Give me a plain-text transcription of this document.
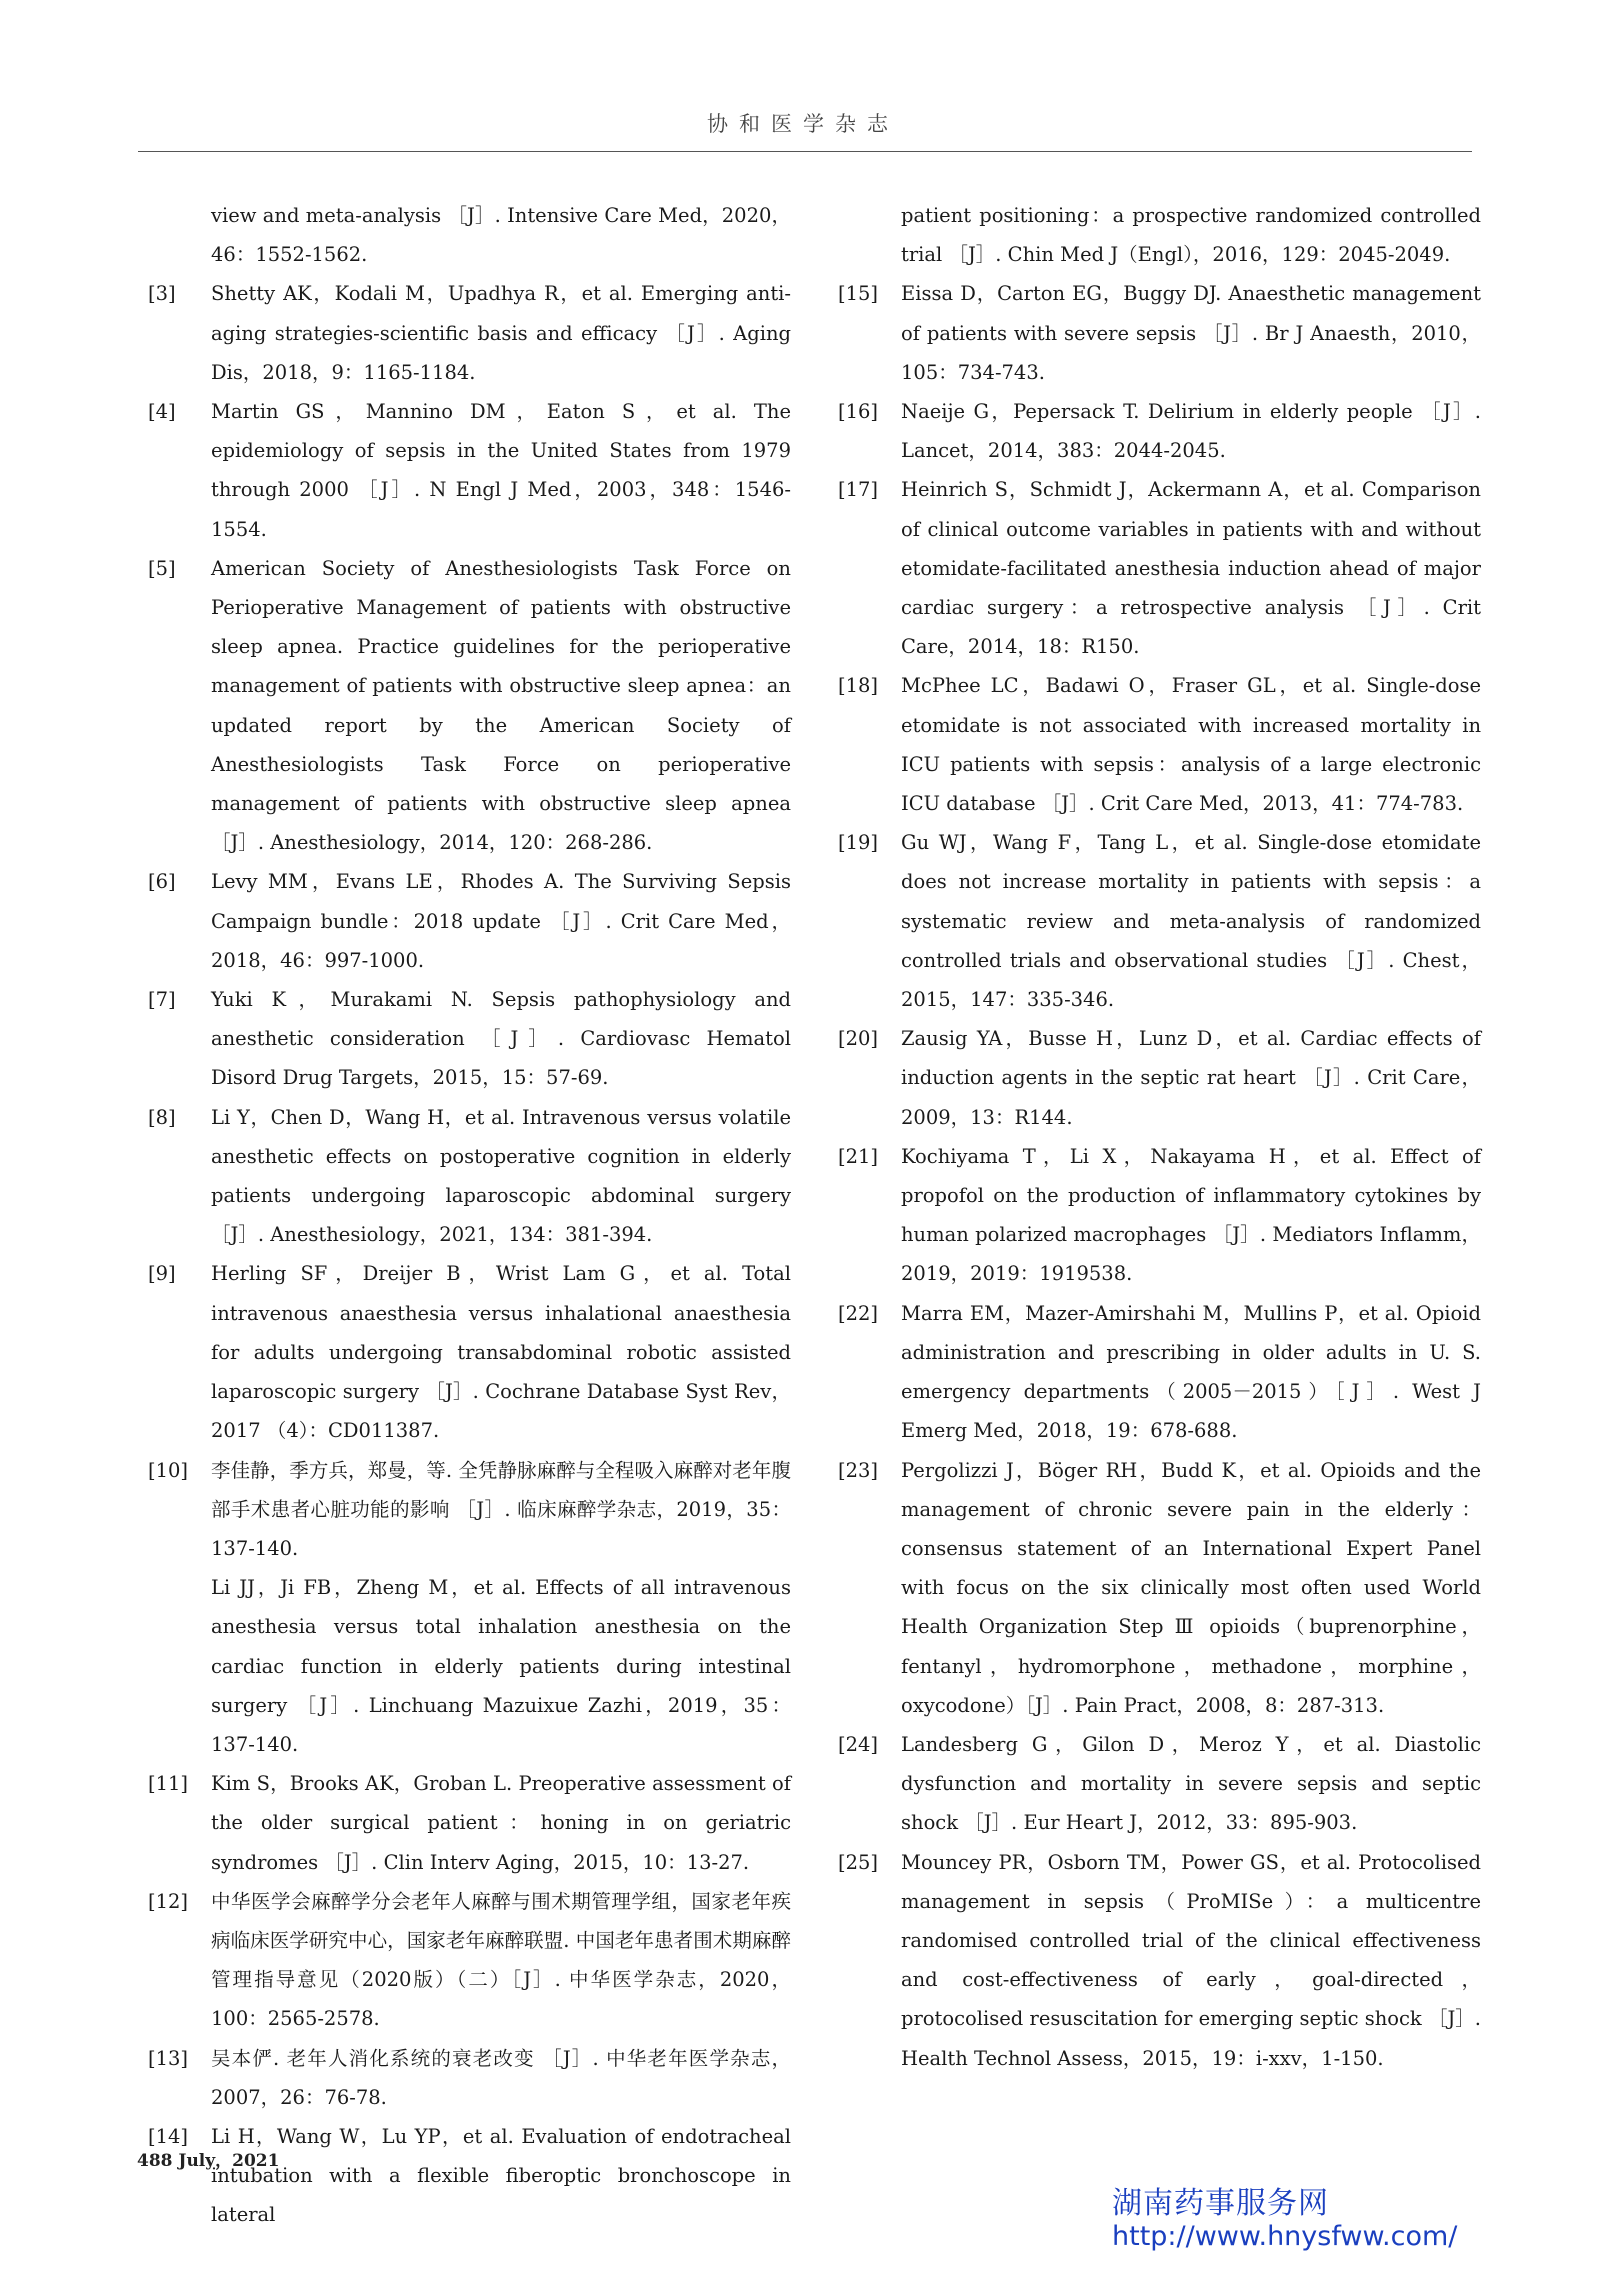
协和医学杂志
view and meta-analysis ［J］. Intensive Care Med，2020，46：1552-1562.
[3] Shetty AK，Kodali M，Upadhya R，et al. Emerging anti-aging strategies-scientific basis and efficacy ［J］. Aging Dis，2018，9：1165-1184.
[4] Martin GS，Mannino DM，Eaton S，et al. The epidemiology of sepsis in the United States from 1979 through 2000 ［J］. N Engl J Med，2003，348：1546-1554.
[5] American Society of Anesthesiologists Task Force on Perioperative Management of patients with obstructive sleep apnea. Practice guidelines for the perioperative management of patients with obstructive sleep apnea：an updated report by the American Society of Anesthesiologists Task Force on perioperative management of patients with obstructive sleep apnea ［J］. Anesthesiology，2014，120：268-286.
[6] Levy MM，Evans LE，Rhodes A. The Surviving Sepsis Campaign bundle：2018 update ［J］. Crit Care Med，2018，46：997-1000.
[7] Yuki K，Murakami N. Sepsis pathophysiology and anesthetic consideration ［J］. Cardiovasc Hematol Disord Drug Targets，2015，15：57-69.
[8] Li Y，Chen D，Wang H，et al. Intravenous versus volatile anesthetic effects on postoperative cognition in elderly patients undergoing laparoscopic abdominal surgery ［J］. Anesthesiology，2021，134：381-394.
[9] Herling SF，Dreijer B，Wrist Lam G，et al. Total intravenous anaesthesia versus inhalational anaesthesia for adults undergoing transabdominal robotic assisted laparoscopic surgery ［J］. Cochrane Database Syst Rev，2017 （4）：CD011387.
[10] 李佳静，季方兵，郑曼，等. 全凭静脉麻醉与全程吸入麻醉对老年腹部手术患者心脏功能的影响 ［J］. 临床麻醉学杂志，2019，35：137-140.
Li JJ，Ji FB，Zheng M，et al. Effects of all intravenous anesthesia versus total inhalation anesthesia on the cardiac function in elderly patients during intestinal surgery ［J］. Linchuang Mazuixue Zazhi，2019，35：137-140.
[11] Kim S，Brooks AK，Groban L. Preoperative assessment of the older surgical patient：honing in on geriatric syndromes ［J］. Clin Interv Aging，2015，10：13-27.
[12] 中华医学会麻醉学分会老年人麻醉与围术期管理学组，国家老年疾病临床医学研究中心，国家老年麻醉联盟. 中国老年患者围术期麻醉管理指导意见（2020版）（二）［J］. 中华医学杂志，2020，100：2565-2578.
[13] 吴本俨. 老年人消化系统的衰老改变 ［J］. 中华老年医学杂志，2007，26：76-78.
[14] Li H，Wang W，Lu YP，et al. Evaluation of endotracheal intubation with a flexible fiberoptic bronchoscope in lateral
patient positioning：a prospective randomized controlled trial ［J］. Chin Med J（Engl），2016，129：2045-2049.
[15] Eissa D，Carton EG，Buggy DJ. Anaesthetic management of patients with severe sepsis ［J］. Br J Anaesth，2010，105：734-743.
[16] Naeije G，Pepersack T. Delirium in elderly people ［J］. Lancet，2014，383：2044-2045.
[17] Heinrich S，Schmidt J，Ackermann A，et al. Comparison of clinical outcome variables in patients with and without etomidate-facilitated anesthesia induction ahead of major cardiac surgery：a retrospective analysis ［J］. Crit Care，2014，18：R150.
[18] McPhee LC，Badawi O，Fraser GL，et al. Single-dose etomidate is not associated with increased mortality in ICU patients with sepsis：analysis of a large electronic ICU database ［J］. Crit Care Med，2013，41：774-783.
[19] Gu WJ，Wang F，Tang L，et al. Single-dose etomidate does not increase mortality in patients with sepsis：a systematic review and meta-analysis of randomized controlled trials and observational studies ［J］. Chest，2015，147：335-346.
[20] Zausig YA，Busse H，Lunz D，et al. Cardiac effects of induction agents in the septic rat heart ［J］. Crit Care，2009，13：R144.
[21] Kochiyama T，Li X，Nakayama H，et al. Effect of propofol on the production of inflammatory cytokines by human polarized macrophages ［J］. Mediators Inflamm，2019，2019：1919538.
[22] Marra EM，Mazer-Amirshahi M，Mullins P，et al. Opioid administration and prescribing in older adults in U. S. emergency departments（2005－2015）［J］. West J Emerg Med，2018，19：678-688.
[23] Pergolizzi J，Böger RH，Budd K，et al. Opioids and the management of chronic severe pain in the elderly：consensus statement of an International Expert Panel with focus on the six clinically most often used World Health Organization Step Ⅲ opioids（buprenorphine，fentanyl，hydromorphone，methadone，morphine，oxycodone）［J］. Pain Pract，2008，8：287-313.
[24] Landesberg G，Gilon D，Meroz Y，et al. Diastolic dysfunction and mortality in severe sepsis and septic shock ［J］. Eur Heart J，2012，33：895-903.
[25] Mouncey PR，Osborn TM，Power GS，et al. Protocolised management in sepsis（ProMISe）：a multicentre randomised controlled trial of the clinical effectiveness and cost-effectiveness of early，goal-directed，protocolised resuscitation for emerging septic shock ［J］. Health Technol Assess，2015，19：i-xxv，1-150.
488 July，2021
湖南药事服务网
http://www.hnysfww.com/
